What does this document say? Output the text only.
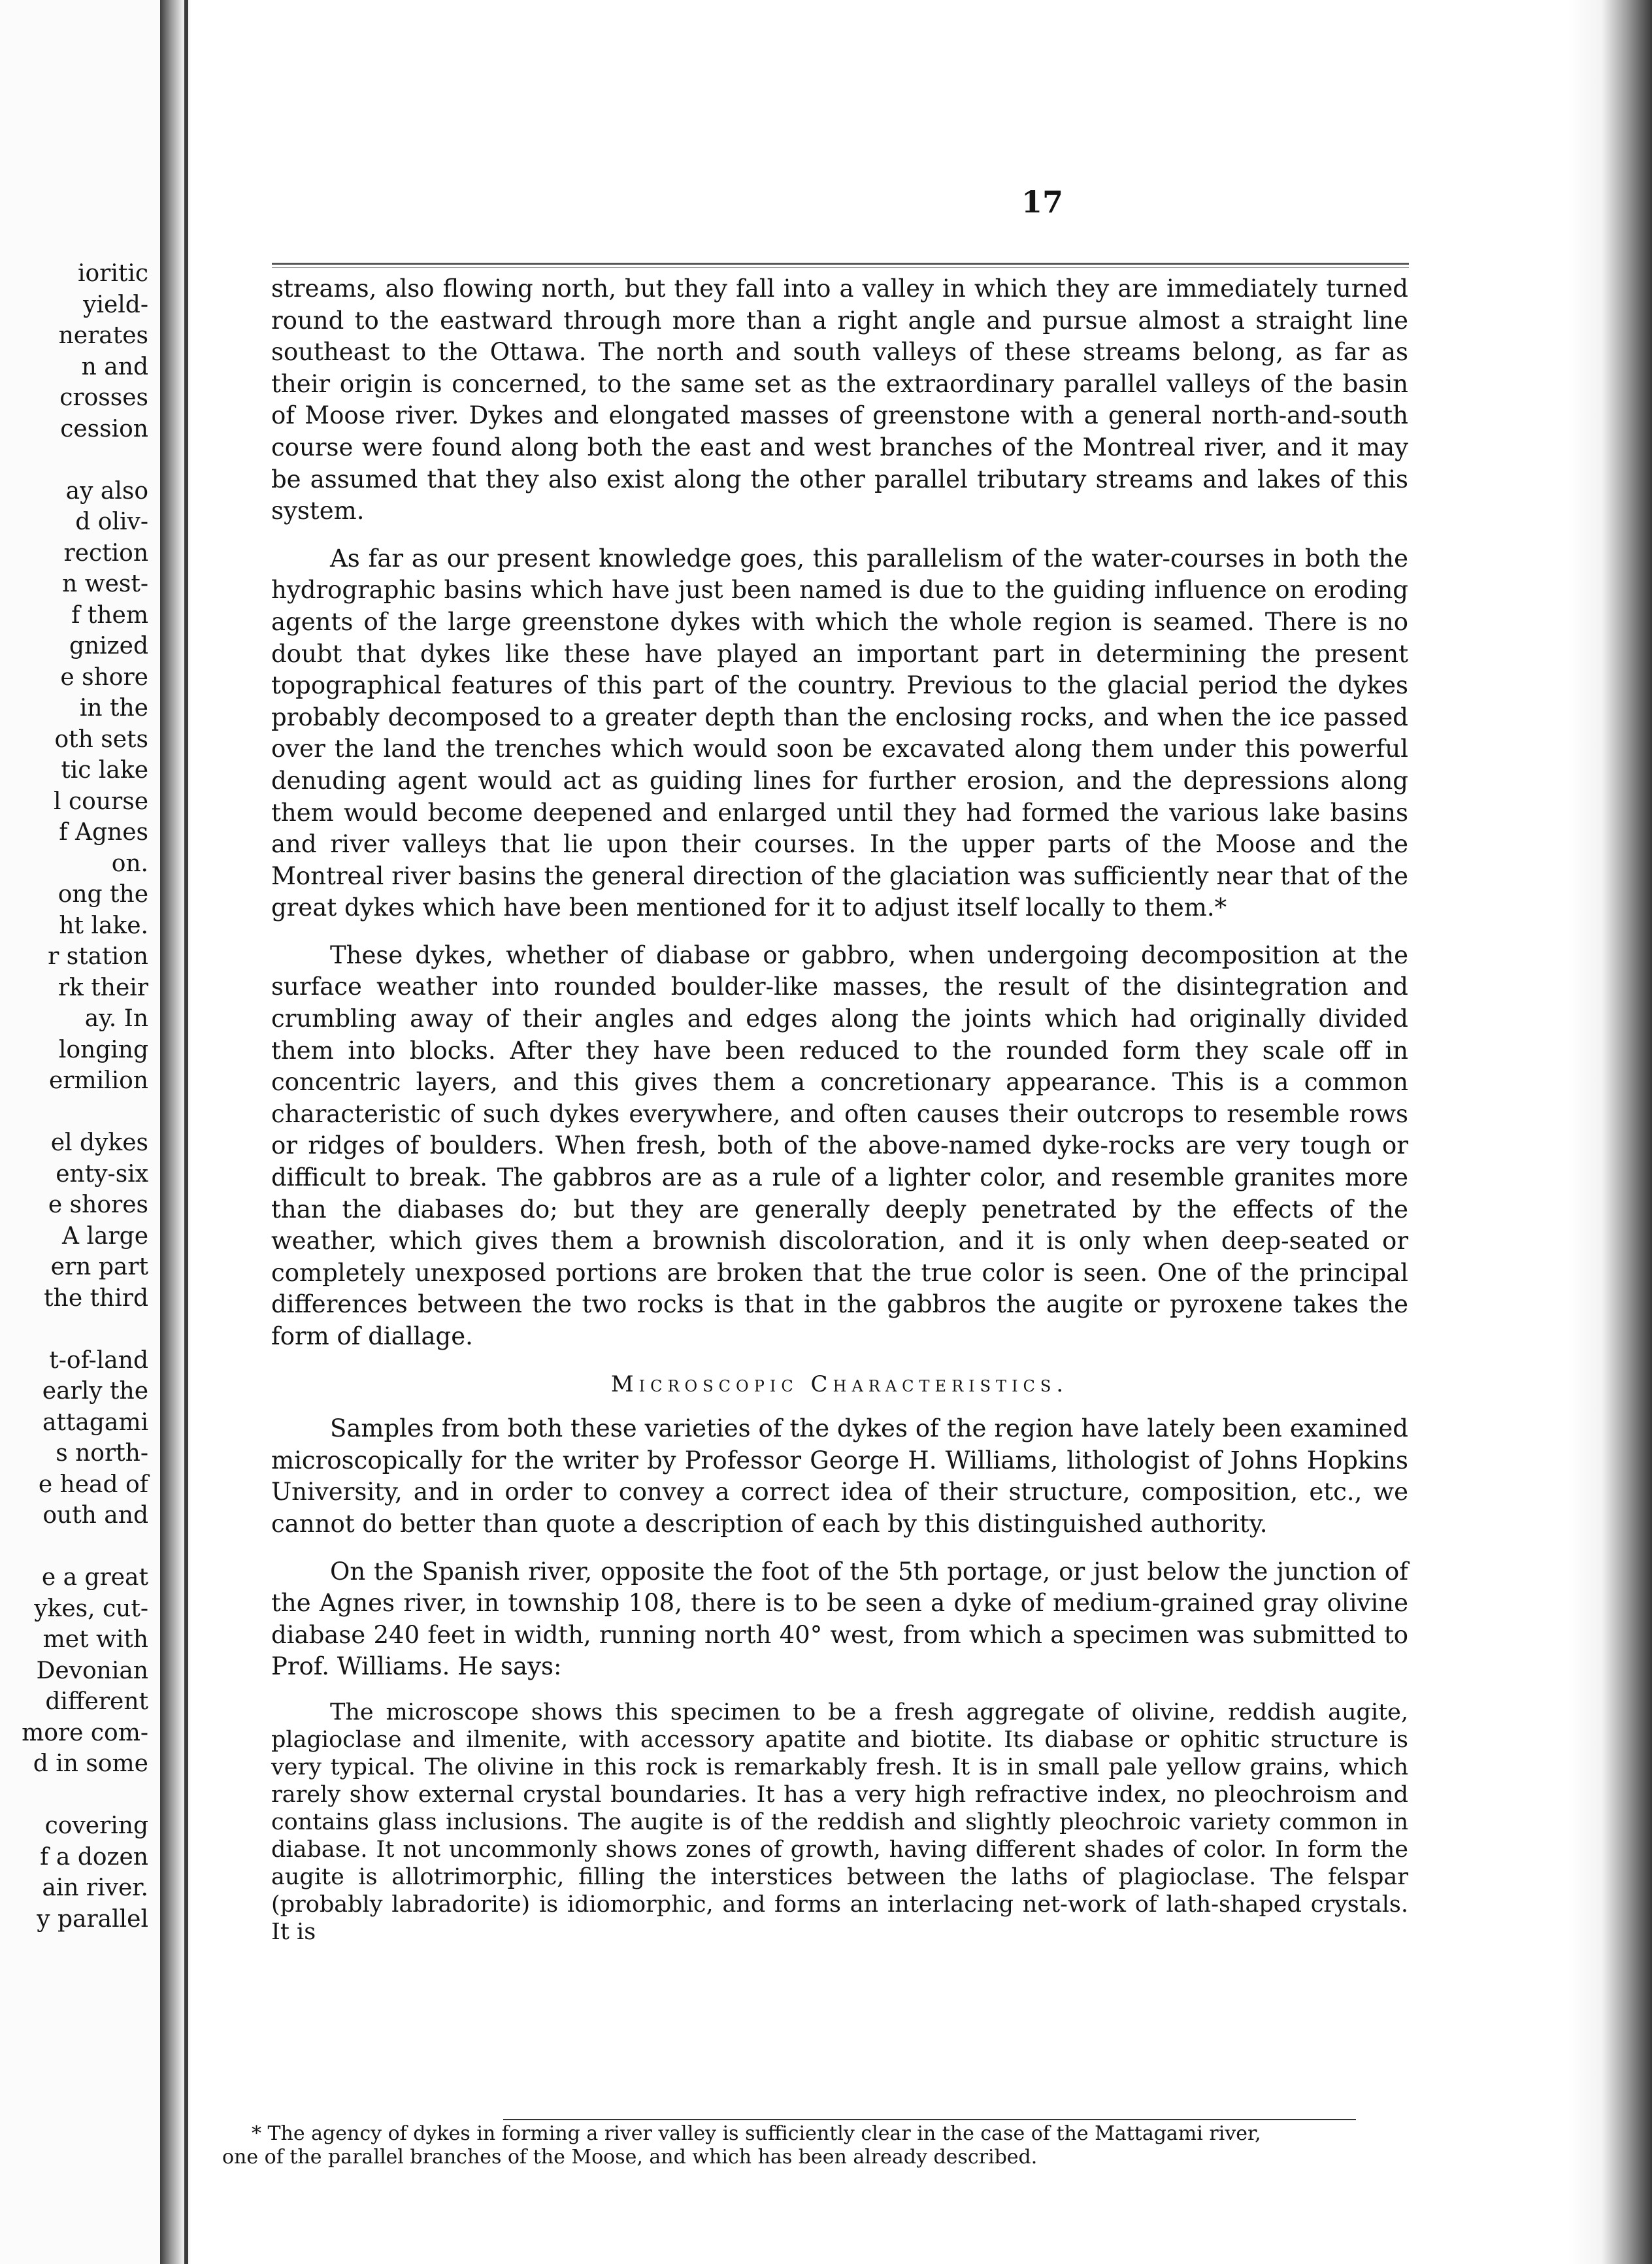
ioritic
yield-
nerates
n and
crosses
cession
ay also
d oliv-
rection
n west-
f them
gnized
e shore
in the
oth sets
tic lake
l course
f Agnes
on.
ong the
ht lake.
r station
rk their
ay. In
longing
ermilion
el dykes
enty-six
e shores
A large
ern part
the third
t-of-land
early the
attagami
s north-
e head of
outh and
e a great
ykes, cut-
met with
Devonian
different
more com-
d in some
covering
f a dozen
ain river.
y parallel
17

streams, also flowing north, but they fall into a valley in which they are immediately turned round to the eastward through more than a right angle and pursue almost a straight line southeast to the Ottawa. The north and south valleys of these streams belong, as far as their origin is concerned, to the same set as the extraordinary parallel valleys of the basin of Moose river. Dykes and elongated masses of greenstone with a general north-and-south course were found along both the east and west branches of the Montreal river, and it may be assumed that they also exist along the other parallel tributary streams and lakes of this system.

As far as our present knowledge goes, this parallelism of the water-courses in both the hydrographic basins which have just been named is due to the guiding influence on eroding agents of the large greenstone dykes with which the whole region is seamed. There is no doubt that dykes like these have played an important part in determining the present topographical features of this part of the country. Previous to the glacial period the dykes probably decomposed to a greater depth than the enclosing rocks, and when the ice passed over the land the trenches which would soon be excavated along them under this powerful denuding agent would act as guiding lines for further erosion, and the depressions along them would become deepened and enlarged until they had formed the various lake basins and river valleys that lie upon their courses. In the upper parts of the Moose and the Montreal river basins the general direction of the glaciation was sufficiently near that of the great dykes which have been mentioned for it to adjust itself locally to them.*

These dykes, whether of diabase or gabbro, when undergoing decomposition at the surface weather into rounded boulder-like masses, the result of the disintegration and crumbling away of their angles and edges along the joints which had originally divided them into blocks. After they have been reduced to the rounded form they scale off in concentric layers, and this gives them a concretionary appearance. This is a common characteristic of such dykes everywhere, and often causes their outcrops to resemble rows or ridges of boulders. When fresh, both of the above-named dyke-rocks are very tough or difficult to break. The gabbros are as a rule of a lighter color, and resemble granites more than the diabases do; but they are generally deeply penetrated by the effects of the weather, which gives them a brownish discoloration, and it is only when deep-seated or completely unexposed portions are broken that the true color is seen. One of the principal differences between the two rocks is that in the gabbros the augite or pyroxene takes the form of diallage.

Microscopic Characteristics.

Samples from both these varieties of the dykes of the region have lately been examined microscopically for the writer by Professor George H. Williams, lithologist of Johns Hopkins University, and in order to convey a correct idea of their structure, composition, etc., we cannot do better than quote a description of each by this distinguished authority.

On the Spanish river, opposite the foot of the 5th portage, or just below the junction of the Agnes river, in township 108, there is to be seen a dyke of medium-grained gray olivine diabase 240 feet in width, running north 40° west, from which a specimen was submitted to Prof. Williams. He says:

The microscope shows this specimen to be a fresh aggregate of olivine, reddish augite, plagioclase and ilmenite, with accessory apatite and biotite. Its diabase or ophitic structure is very typical. The olivine in this rock is remarkably fresh. It is in small pale yellow grains, which rarely show external crystal boundaries. It has a very high refractive index, no pleochroism and contains glass inclusions. The augite is of the reddish and slightly pleochroic variety common in diabase. It not uncommonly shows zones of growth, having different shades of color. In form the augite is allotrimorphic, filling the interstices between the laths of plagioclase. The felspar (probably labradorite) is idiomorphic, and forms an interlacing net-work of lath-shaped crystals. It is

* The agency of dykes in forming a river valley is sufficiently clear in the case of the Mattagami river,
one of the parallel branches of the Moose, and which has been already described.
